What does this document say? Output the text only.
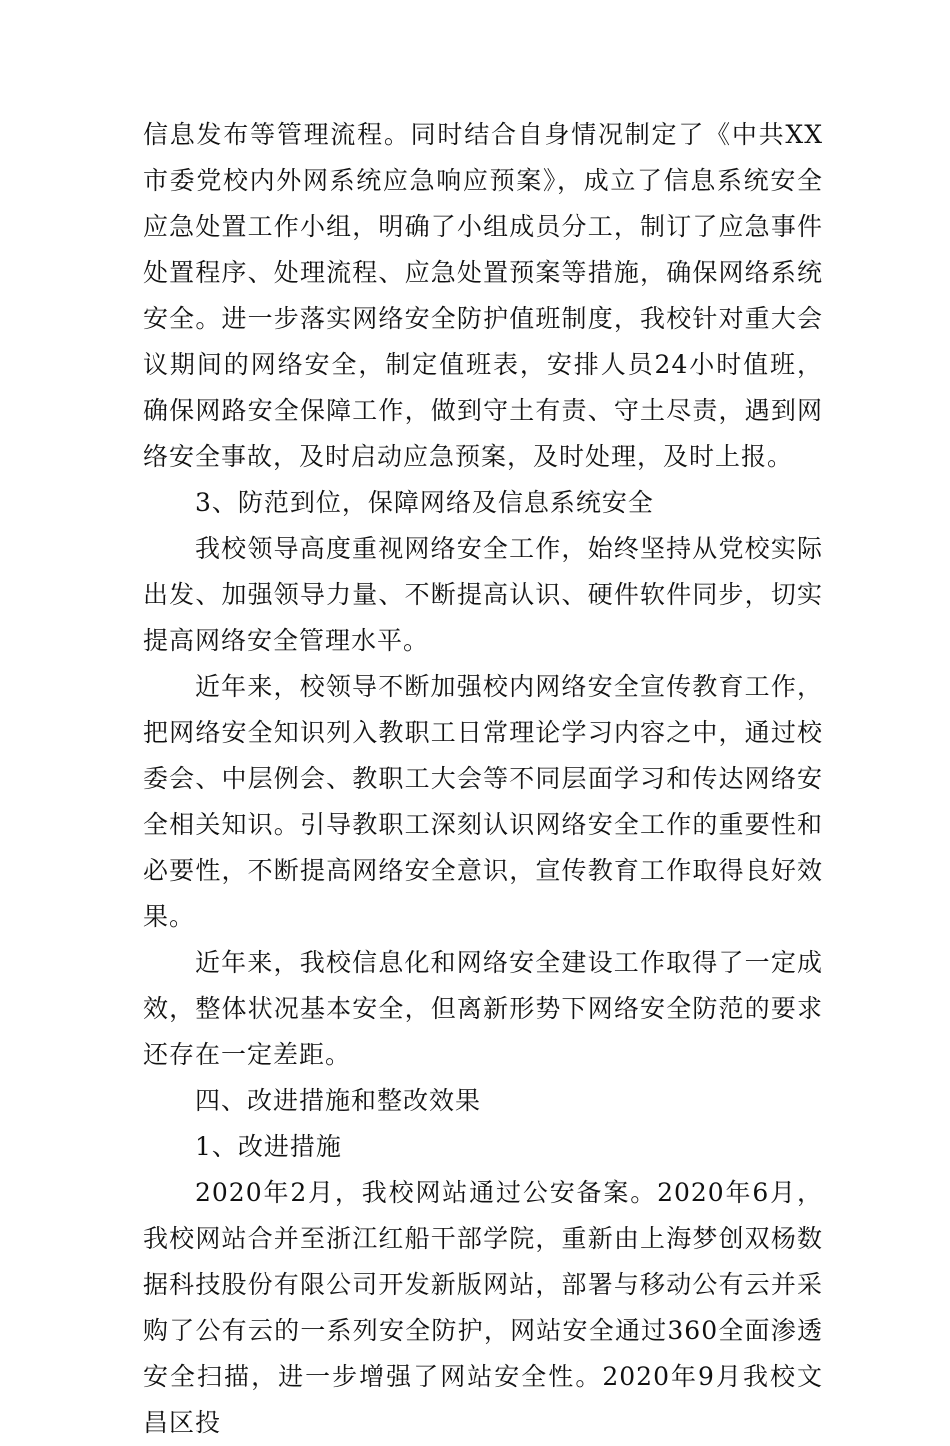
信息发布等管理流程。同时结合自身情况制定了《中共XX市委党校内外网系统应急响应预案》，成立了信息系统安全应急处置工作小组，明确了小组成员分工，制订了应急事件处置程序、处理流程、应急处置预案等措施，确保网络系统安全。进一步落实网络安全防护值班制度，我校针对重大会议期间的网络安全，制定值班表，安排人员24小时值班，确保网路安全保障工作，做到守土有责、守土尽责，遇到网络安全事故，及时启动应急预案，及时处理，及时上报。

3、防范到位，保障网络及信息系统安全

我校领导高度重视网络安全工作，始终坚持从党校实际出发、加强领导力量、不断提高认识、硬件软件同步，切实提高网络安全管理水平。

近年来，校领导不断加强校内网络安全宣传教育工作，把网络安全知识列入教职工日常理论学习内容之中，通过校委会、中层例会、教职工大会等不同层面学习和传达网络安全相关知识。引导教职工深刻认识网络安全工作的重要性和必要性，不断提高网络安全意识，宣传教育工作取得良好效果。

近年来，我校信息化和网络安全建设工作取得了一定成效，整体状况基本安全，但离新形势下网络安全防范的要求还存在一定差距。

四、改进措施和整改效果

1、改进措施

2020年2月，我校网站通过公安备案。2020年6月，我校网站合并至浙江红船干部学院，重新由上海梦创双杨数据科技股份有限公司开发新版网站，部署与移动公有云并采购了公有云的一系列安全防护，网站安全通过360全面渗透安全扫描，进一步增强了网站安全性。2020年9月我校文昌区投
